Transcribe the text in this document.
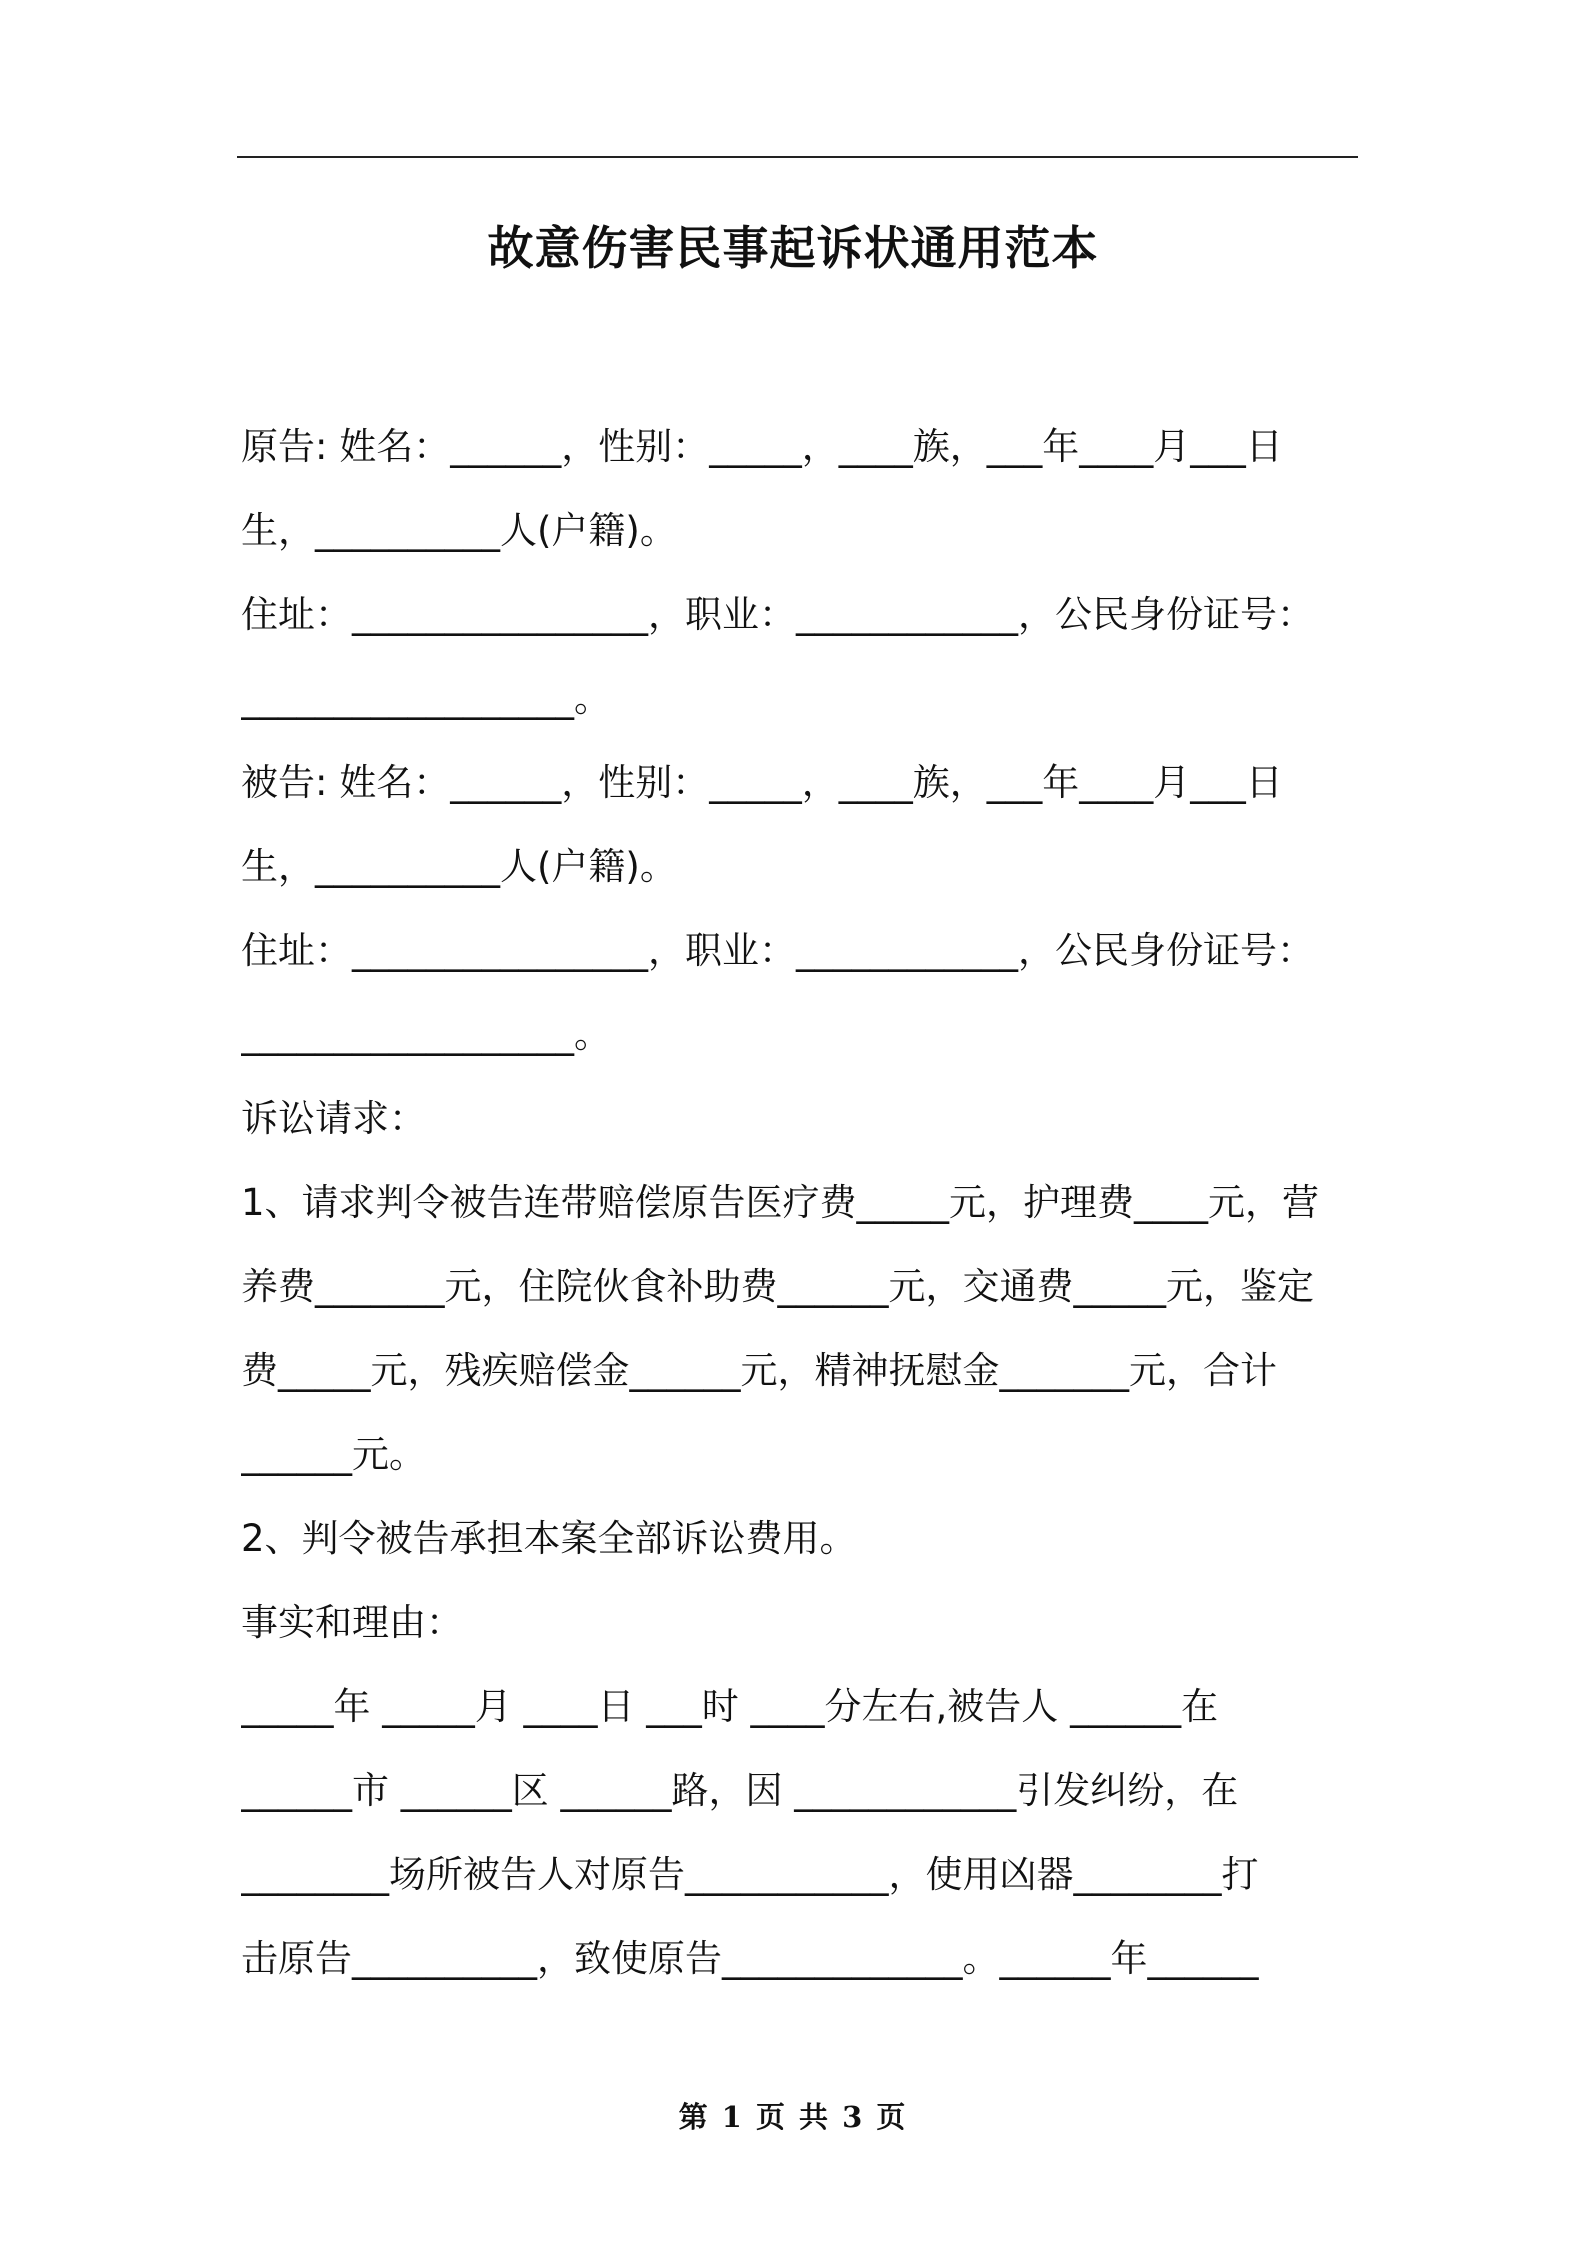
故意伤害民事起诉状通用范本
原告: 姓名：______，性别：_____，____族，___年____月___日
生，__________人(户籍)。
住址：________________，职业：____________，公民身份证号：
__________________。
被告: 姓名：______，性别：_____，____族，___年____月___日
生，__________人(户籍)。
住址：________________，职业：____________，公民身份证号：
__________________。
诉讼请求：
1、请求判令被告连带赔偿原告医疗费_____元，护理费____元，营
养费_______元，住院伙食补助费______元，交通费_____元，鉴定
费_____元，残疾赔偿金______元，精神抚慰金_______元，合计
______元。
2、判令被告承担本案全部诉讼费用。
事实和理由：
_____年 _____月 ____日 ___时 ____分左右,被告人 ______在
______市 ______区 ______路，因 ____________引发纠纷，在
________场所被告人对原告___________，使用凶器________打
击原告__________，致使原告_____________。______年______
第 1 页 共 3 页
